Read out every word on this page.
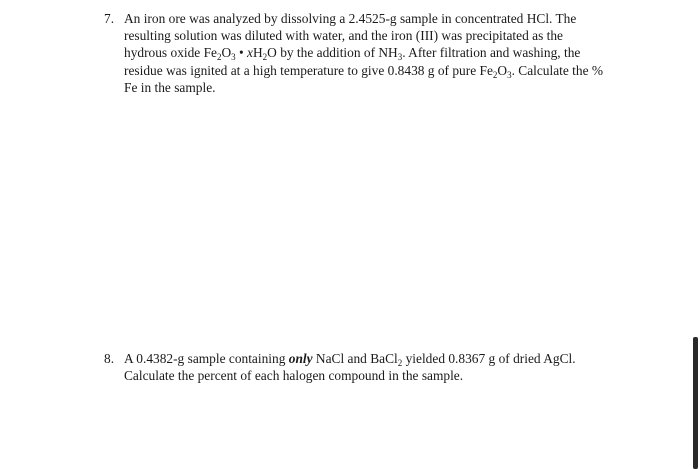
7. An iron ore was analyzed by dissolving a 2.4525-g sample in concentrated HCl. The
resulting solution was diluted with water, and the iron (III) was precipitated as the
hydrous oxide $Fe_2O_3$ • $xH_2O$ by the addition of $NH_3$. After filtration and washing, the
residue was ignited at a high temperature to give 0.8438 g of pure $Fe_2O_3$. Calculate the %
Fe in the sample.
8. A 0.4382-g sample containing only NaCl and BaCl$_2$ yielded 0.8367 g of dried AgCl.
Calculate the percent of each halogen compound in the sample.
